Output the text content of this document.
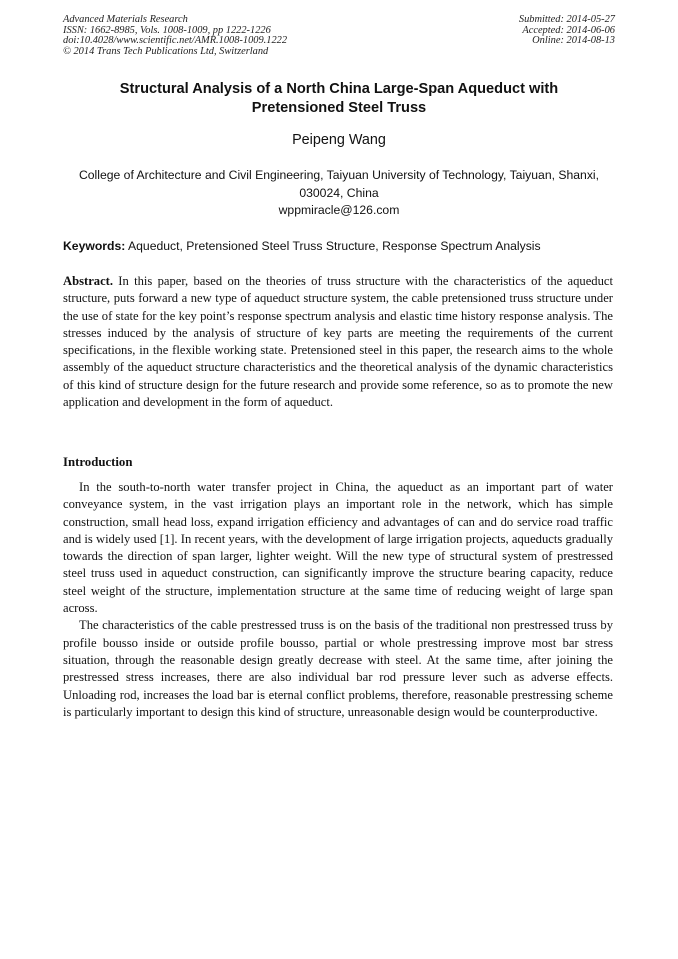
Advanced Materials Research
ISSN: 1662-8985, Vols. 1008-1009, pp 1222-1226
doi:10.4028/www.scientific.net/AMR.1008-1009.1222
© 2014 Trans Tech Publications Ltd, Switzerland
Submitted: 2014-05-27
Accepted: 2014-06-06
Online: 2014-08-13
Structural Analysis of a North China Large-Span Aqueduct with
Pretensioned Steel Truss
Peipeng Wang
College of Architecture and Civil Engineering, Taiyuan University of Technology, Taiyuan, Shanxi,
030024, China
wppmiracle@126.com
Keywords: Aqueduct, Pretensioned Steel Truss Structure, Response Spectrum Analysis

Abstract. In this paper, based on the theories of truss structure with the characteristics of the aqueduct structure, puts forward a new type of aqueduct structure system, the cable pretensioned truss structure under the use of state for the key point’s response spectrum analysis and elastic time history response analysis. The stresses induced by the analysis of structure of key parts are meeting the requirements of the current specifications, in the flexible working state. Pretensioned steel in this paper, the research aims to the whole assembly of the aqueduct structure characteristics and the theoretical analysis of the dynamic characteristics of this kind of structure design for the future research and provide some reference, so as to promote the new application and development in the form of aqueduct.

Introduction

In the south-to-north water transfer project in China, the aqueduct as an important part of water conveyance system, in the vast irrigation plays an important role in the network, which has simple construction, small head loss, expand irrigation efficiency and advantages of can and do service road traffic and is widely used [1]. In recent years, with the development of large irrigation projects, aqueducts gradually towards the direction of span larger, lighter weight. Will the new type of structural system of prestressed steel truss used in aqueduct construction, can significantly improve the structure bearing capacity, reduce steel weight of the structure, implementation structure at the same time of reducing weight of large span across.

The characteristics of the cable prestressed truss is on the basis of the traditional non prestressed truss by profile bousso inside or outside profile bousso, partial or whole prestressing improve most bar stress situation, through the reasonable design greatly decrease with steel. At the same time, after joining the prestressed stress increases, there are also individual bar rod pressure lever such as adverse effects. Unloading rod, increases the load bar is eternal conflict problems, therefore, reasonable prestressing scheme is particularly important to design this kind of structure, unreasonable design would be counterproductive.
